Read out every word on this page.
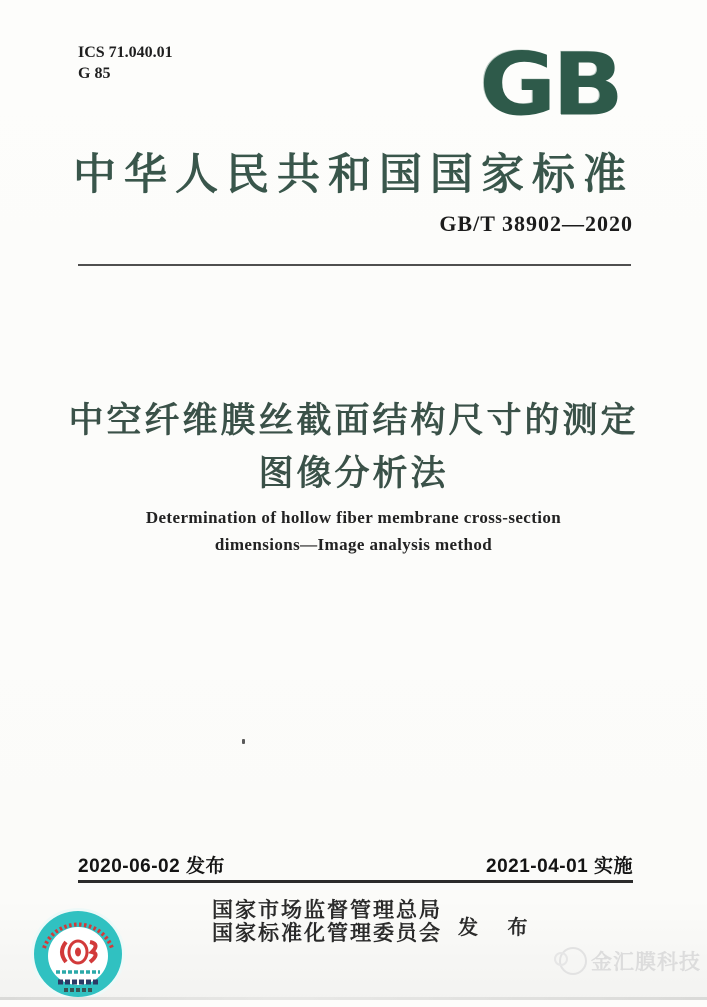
ICS 71.040.01
G 85	GB
中华人民共和国国家标准
GB/T 38902—2020
中空纤维膜丝截面结构尺寸的测定
图像分析法
Determination of hollow fiber membrane cross-section
dimensions—Image analysis method
2020-06-02 发布	2021-04-01 实施
国家市场监督管理总局
国家标准化管理委员会 发 布
金汇膜科技
